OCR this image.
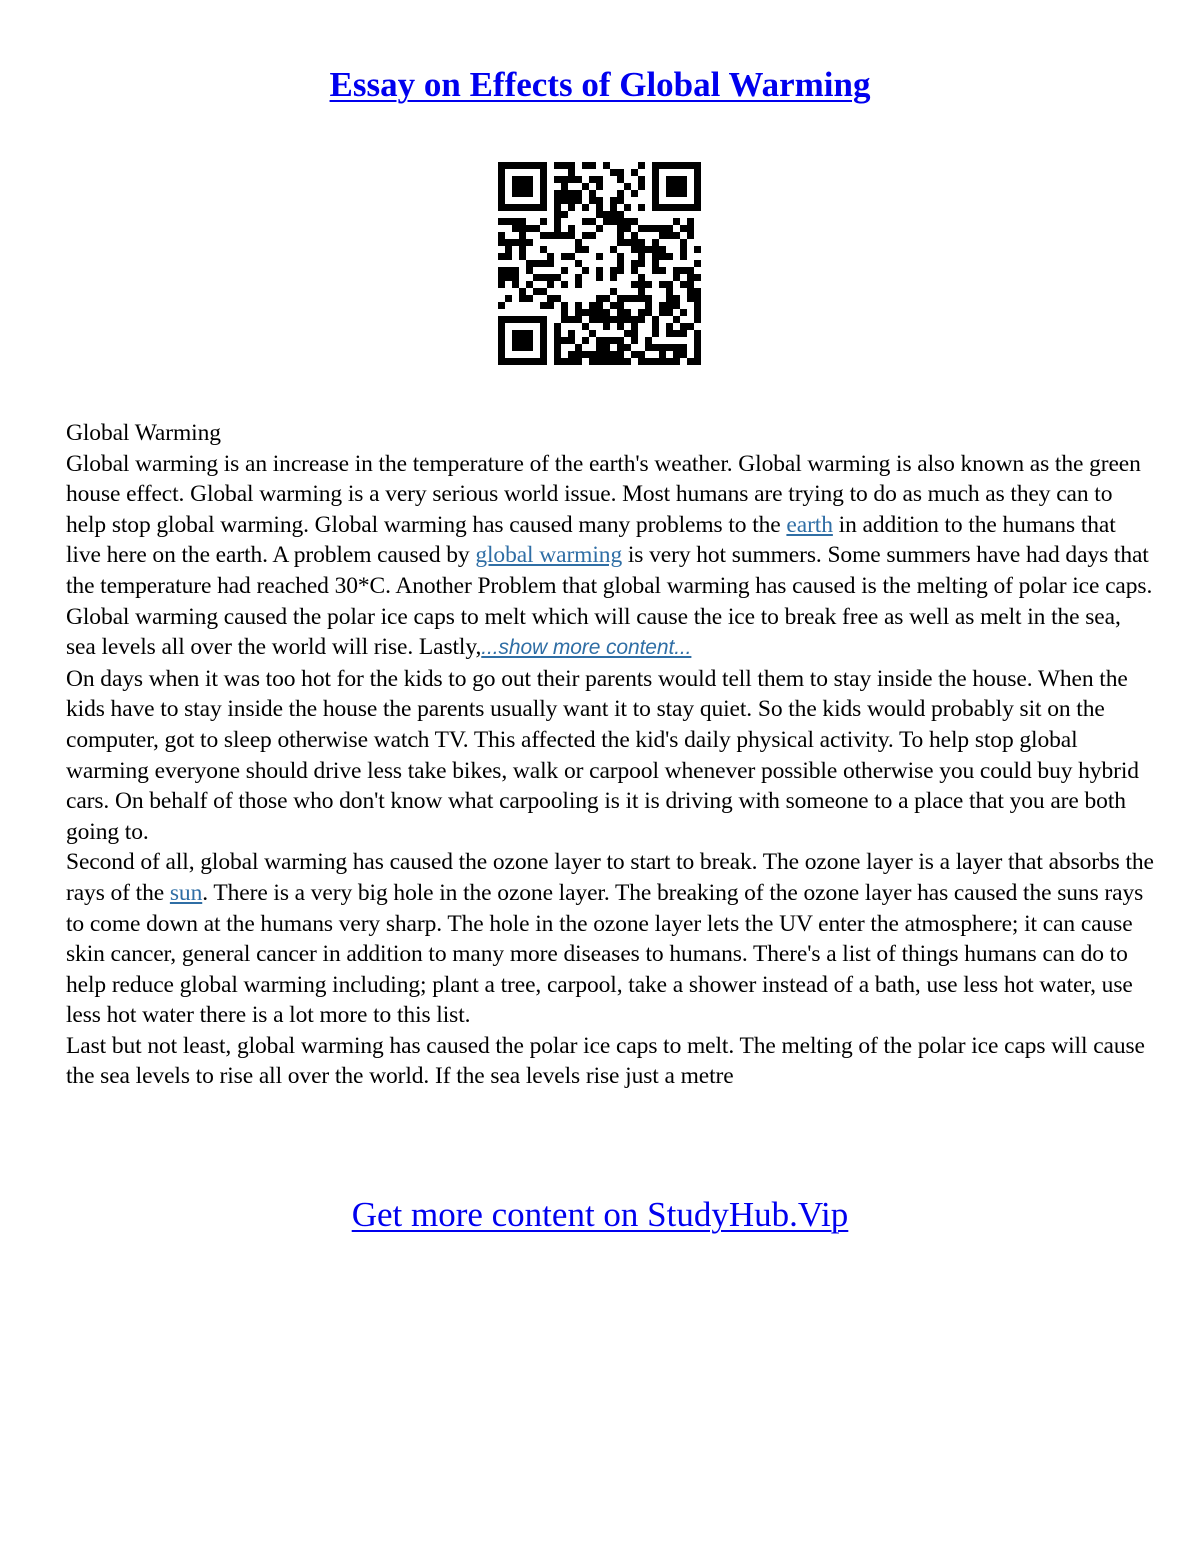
Essay on Effects of Global Warming

Global Warming

Global warming is an increase in the temperature of the earth's weather. Global warming is also known as the green house effect. Global warming is a very serious world issue. Most humans are trying to do as much as they can to help stop global warming. Global warming has caused many problems to the earth in addition to the humans that live here on the earth. A problem caused by global warming is very hot summers. Some summers have had days that the temperature had reached 30*C. Another Problem that global warming has caused is the melting of polar ice caps. Global warming caused the polar ice caps to melt which will cause the ice to break free as well as melt in the sea, sea levels all over the world will rise. Lastly,...show more content...

On days when it was too hot for the kids to go out their parents would tell them to stay inside the house. When the kids have to stay inside the house the parents usually want it to stay quiet. So the kids would probably sit on the computer, got to sleep otherwise watch TV. This affected the kid's daily physical activity. To help stop global warming everyone should drive less take bikes, walk or carpool whenever possible otherwise you could buy hybrid cars. On behalf of those who don't know what carpooling is it is driving with someone to a place that you are both going to.

Second of all, global warming has caused the ozone layer to start to break. The ozone layer is a layer that absorbs the rays of the sun. There is a very big hole in the ozone layer. The breaking of the ozone layer has caused the suns rays to come down at the humans very sharp. The hole in the ozone layer lets the UV enter the atmosphere; it can cause skin cancer, general cancer in addition to many more diseases to humans. There's a list of things humans can do to help reduce global warming including; plant a tree, carpool, take a shower instead of a bath, use less hot water, use less hot water there is a lot more to this list.

Last but not least, global warming has caused the polar ice caps to melt. The melting of the polar ice caps will cause the sea levels to rise all over the world. If the sea levels rise just a metre

Get more content on StudyHub.Vip
